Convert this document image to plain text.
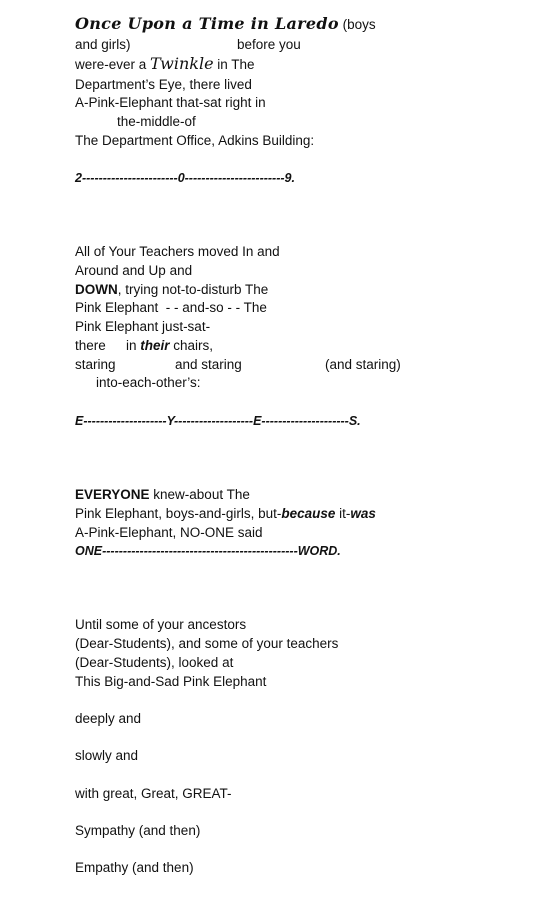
Once Upon a Time in Laredo (boys
and girls)	before you
were-ever a Twinkle in The
Department’s Eye, there lived
A-Pink-Elephant that-sat right in
the-middle-of
The Department Office, Adkins Building:
2-----------------------0------------------------9.
All of Your Teachers moved In and
Around and Up and
DOWN, trying not-to-disturb The
Pink Elephant  - - and-so - - The
Pink Elephant just-sat-
there in their chairs,
staring	and staring	(and staring)
into-each-other’s:
E--------------------Y-------------------E---------------------S.
EVERYONE knew-about The
Pink Elephant, boys-and-girls, but-because it-was
A-Pink-Elephant, NO-ONE said
ONE-----------------------------------------------WORD.
Until some of your ancestors
(Dear-Students), and some of your teachers
(Dear-Students), looked at
This Big-and-Sad Pink Elephant
deeply and
slowly and
with great, Great, GREAT-
Sympathy (and then)
Empathy (and then)
